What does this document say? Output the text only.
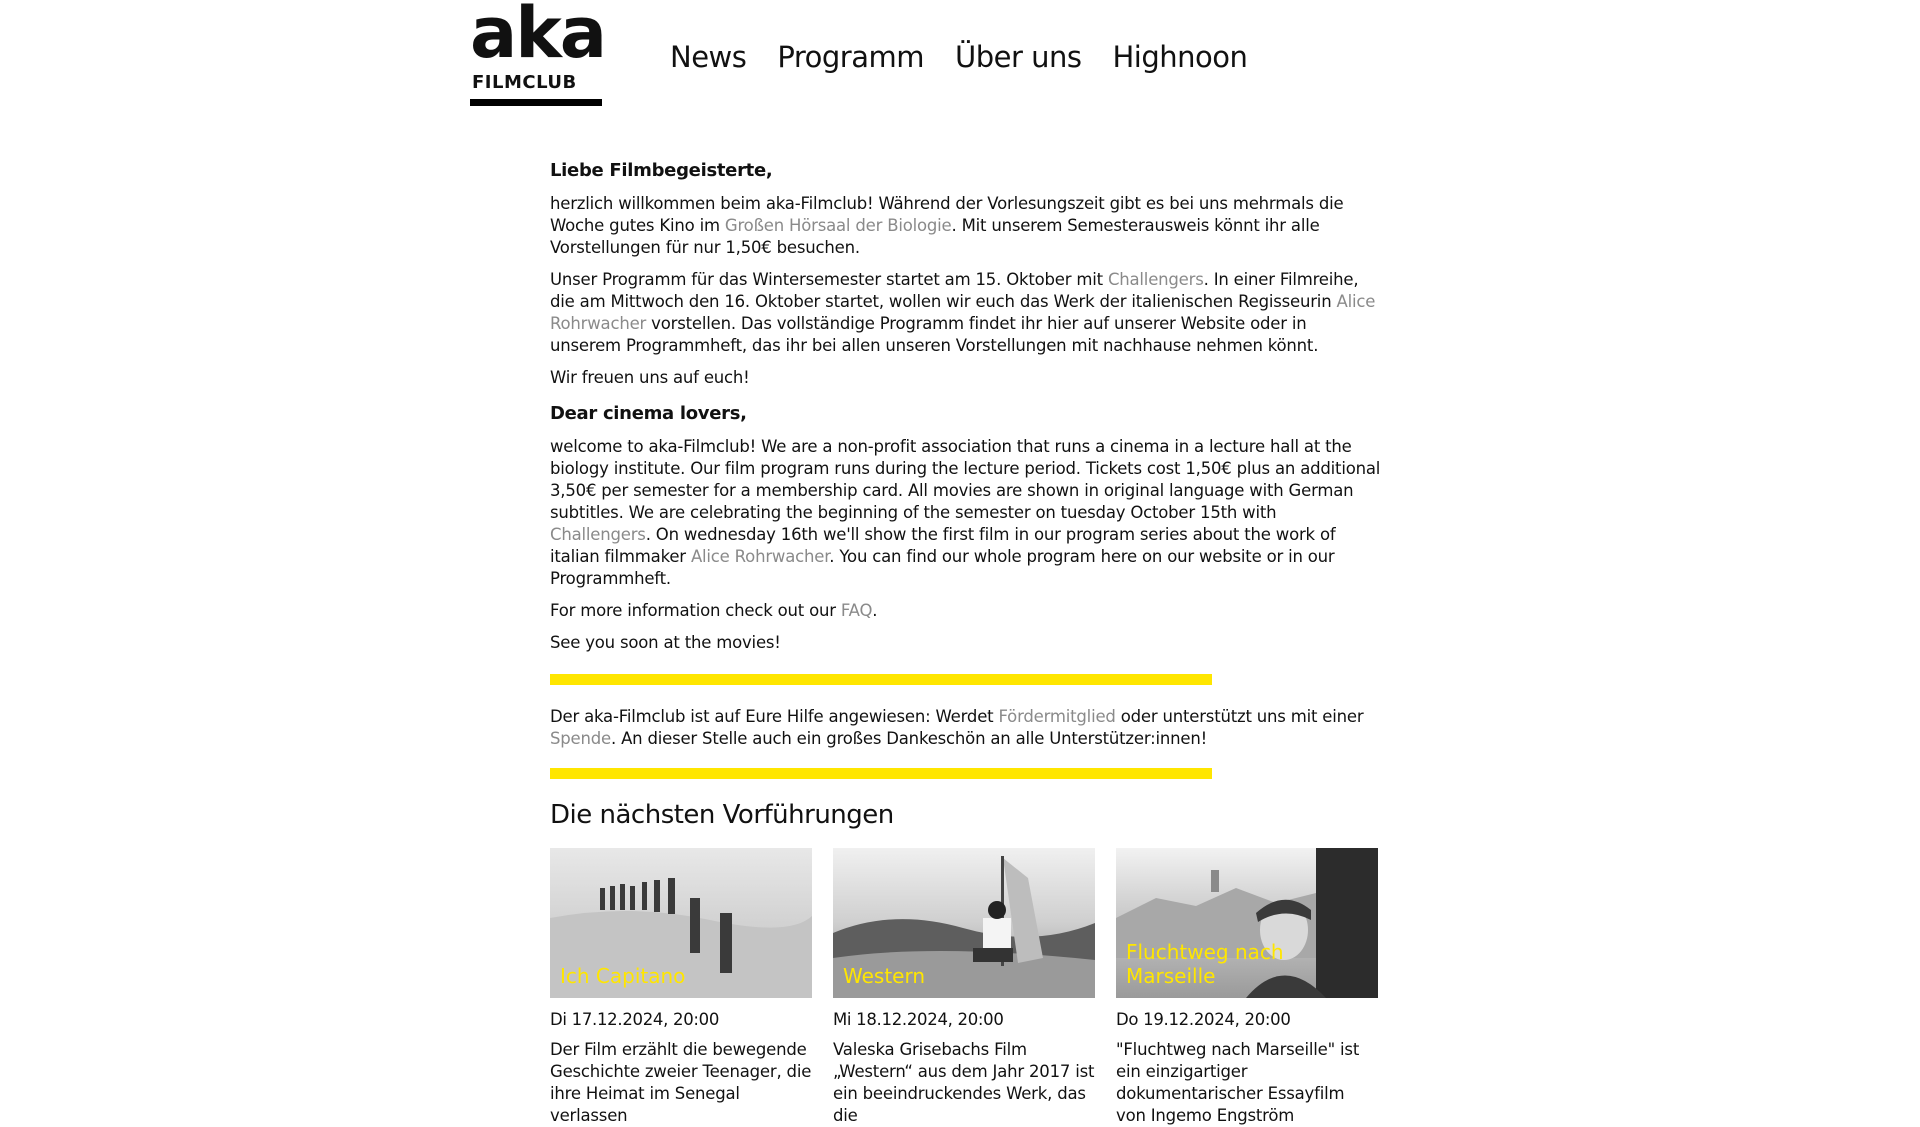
aka
FILMCLUB
News Programm Über uns Highnoon
Liebe Filmbegeisterte,

herzlich willkommen beim aka-Filmclub! Während der Vorlesungszeit gibt es bei uns mehrmals die Woche gutes Kino im Großen Hörsaal der Biologie. Mit unserem Semesterausweis könnt ihr alle Vorstellungen für nur 1,50€ besuchen.

Unser Programm für das Wintersemester startet am 15. Oktober mit Challengers. In einer Filmreihe, die am Mittwoch den 16. Oktober startet, wollen wir euch das Werk der italienischen Regisseurin Alice Rohrwacher vorstellen. Das vollständige Programm findet ihr hier auf unserer Website oder in unserem Programmheft, das ihr bei allen unseren Vorstellungen mit nachhause nehmen könnt.

Wir freuen uns auf euch!

Dear cinema lovers,

welcome to aka-Filmclub! We are a non-profit association that runs a cinema in a lecture hall at the biology institute. Our film program runs during the lecture period. Tickets cost 1,50€ plus an additional 3,50€ per semester for a membership card. All movies are shown in original language with German subtitles. We are celebrating the beginning of the semester on tuesday October 15th with Challengers. On wednesday 16th we'll show the first film in our program series about the work of italian filmmaker Alice Rohrwacher. You can find our whole program here on our website or in our Programmheft.

For more information check out our FAQ.

See you soon at the movies!

Der aka-Filmclub ist auf Eure Hilfe angewiesen: Werdet Fördermitglied oder unterstützt uns mit einer Spende. An dieser Stelle auch ein großes Dankeschön an alle Unterstützer:innen!

Die nächsten Vorführungen
Ich Capitano
Di 17.12.2024, 20:00
Der Film erzählt die bewegende Geschichte zweier Teenager, die ihre Heimat im Senegal verlassen
Western
Mi 18.12.2024, 20:00
Valeska Grisebachs Film „Western“ aus dem Jahr 2017 ist ein beeindruckendes Werk, das die
Fluchtweg nach Marseille
Do 19.12.2024, 20:00
"Fluchtweg nach Marseille" ist ein einzigartiger dokumentarischer Essayfilm von Ingemo Engström
